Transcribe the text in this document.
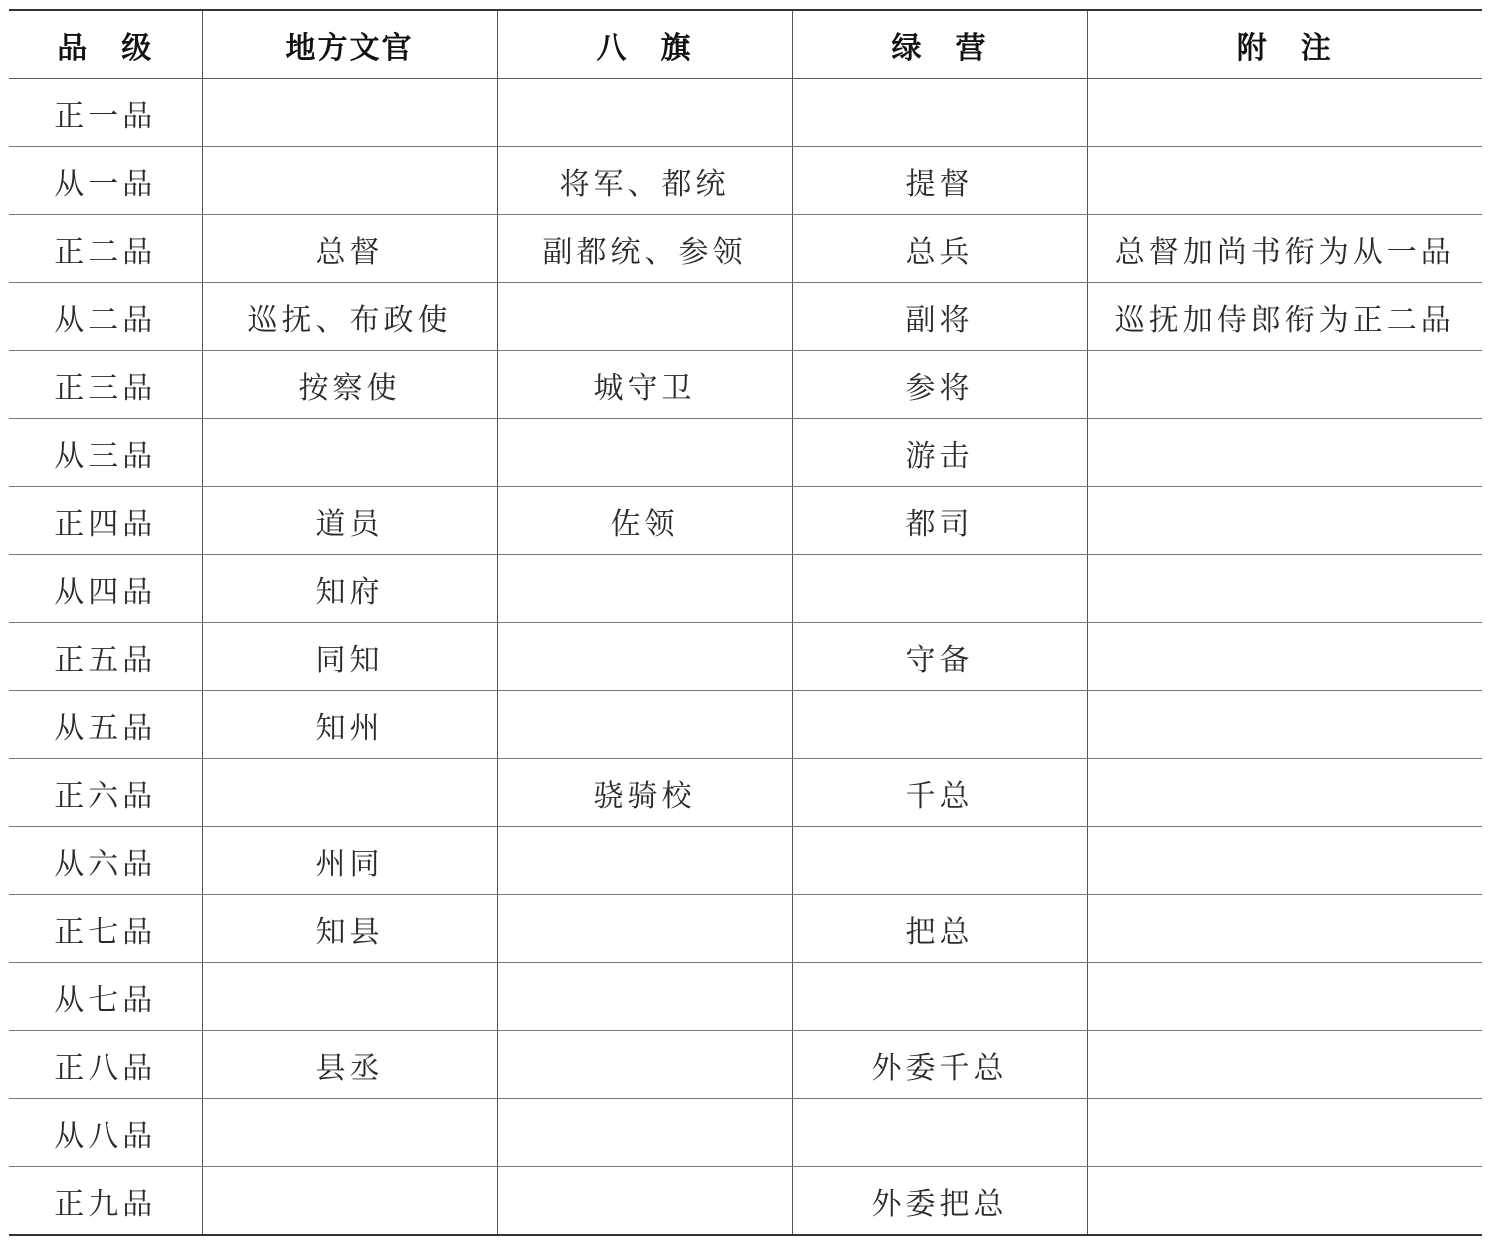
品　级	地方文官	八　旗	绿　营	附　注
正一品				
从一品		将军、都统	提督	
正二品	总督	副都统、参领	总兵	总督加尚书衔为从一品
从二品	巡抚、布政使		副将	巡抚加侍郎衔为正二品
正三品	按察使	城守卫	参将	
从三品			游击	
正四品	道员	佐领	都司	
从四品	知府			
正五品	同知		守备	
从五品	知州			
正六品		骁骑校	千总	
从六品	州同			
正七品	知县		把总	
从七品				
正八品	县丞		外委千总	
从八品				
正九品			外委把总	
